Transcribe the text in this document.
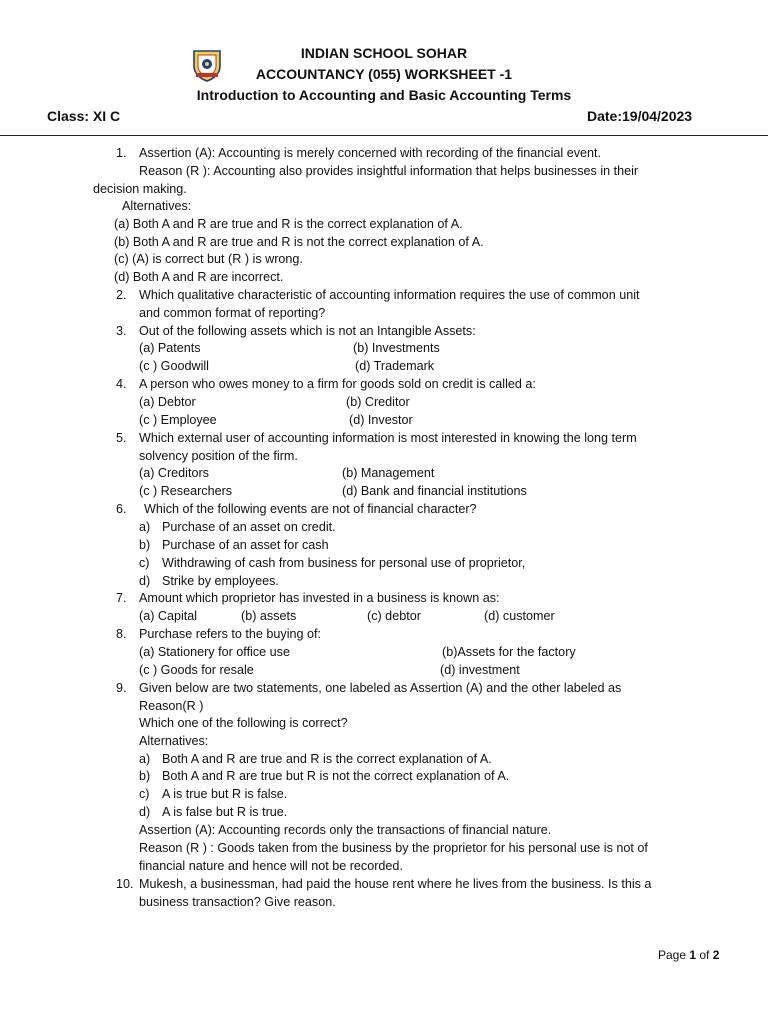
INDIAN SCHOOL SOHAR
ACCOUNTANCY (055) WORKSHEET -1
Introduction to Accounting and Basic Accounting Terms
Class: XI C	Date:19/04/2023
1. Assertion (A): Accounting is merely concerned with recording of the financial event.
Reason (R ): Accounting also provides insightful information that helps businesses in their
decision making.
Alternatives:
(a) Both A and R are true and R is the correct explanation of A.
(b) Both A and R are true and R is not the correct explanation of A.
(c) (A) is correct but (R ) is wrong.
(d) Both A and R are incorrect.
2. Which qualitative characteristic of accounting information requires the use of common unit
and common format of reporting?
3. Out of the following assets which is not an Intangible Assets:
(a) Patents	(b) Investments
(c ) Goodwill	(d) Trademark
4. A person who owes money to a firm for goods sold on credit is called a:
(a) Debtor	(b) Creditor
(c ) Employee	(d) Investor
5. Which external user of accounting information is most interested in knowing the long term
solvency position of the firm.
(a) Creditors	(b) Management
(c ) Researchers	(d) Bank and financial institutions
6. Which of the following events are not of financial character?
a) Purchase of an asset on credit.
b) Purchase of an asset for cash
c) Withdrawing of cash from business for personal use of proprietor,
d) Strike by employees.
7. Amount which proprietor has invested in a business is known as:
(a) Capital	(b) assets	(c) debtor	(d) customer
8. Purchase refers to the buying of:
(a) Stationery for office use	(b)Assets for the factory
(c ) Goods for resale	(d) investment
9. Given below are two statements, one labeled as Assertion (A) and the other labeled as
Reason(R )
Which one of the following is correct?
Alternatives:
a) Both A and R are true and R is the correct explanation of A.
b) Both A and R are true but R is not the correct explanation of A.
c) A is true but R is false.
d) A is false but R is true.
Assertion (A): Accounting records only the transactions of financial nature.
Reason (R ) : Goods taken from the business by the proprietor for his personal use is not of
financial nature and hence will not be recorded.
10. Mukesh, a businessman, had paid the house rent where he lives from the business. Is this a
business transaction? Give reason.
Page 1 of 2
